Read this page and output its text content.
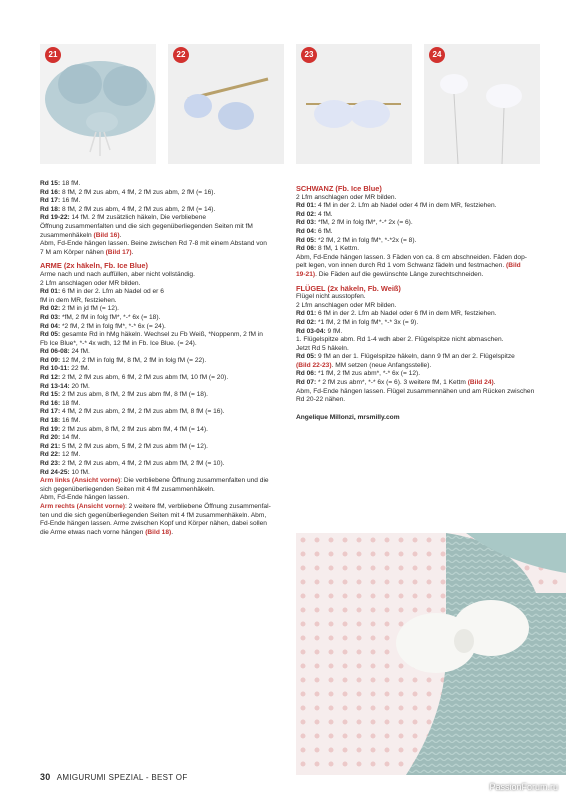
21	22	23	24

Rd 15: 18 fM.

Rd 16: 8 fM, 2 fM zus abm, 4 fM, 2 fM zus abm, 2 fM (= 16).

Rd 17: 16 fM.

Rd 18: 8 fM, 2 fM zus abm, 4 fM, 2 fM zus abm, 2 fM (= 14).

Rd 19-22: 14 fM. 2 fM zusätzlich häkeln, Die verbliebene

Öffnung zusammenfalten und die sich gegenüberliegenden Seiten mit fM

zusammenhäkeln (Bild 16).

Abm, Fd-Ende hängen lassen. Beine zwischen Rd 7-8 mit einem Abstand von

7 M am Körper nähen (Bild 17).

ARME (2x häkeln, Fb. Ice Blue)

Arme nach und nach auffüllen, aber nicht vollständig.

2 Lfm anschlagen oder MR bilden.

Rd 01: 6 fM in der 2. Lfm ab Nadel od er 6

fM in dem MR, festziehen.

Rd 02: 2 fM in jd fM (= 12).

Rd 03: *fM, 2 fM in folg fM*, *-* 6x (= 18).

Rd 04: *2 fM, 2 fM in folg fM*, *-* 6x (= 24).

Rd 05: gesamte Rd in hMg häkeln. Wechsel zu Fb Weiß, *Noppenm, 2 fM in

Fb Ice Blue*, *-* 4x wdh, 12 fM in Fb. Ice Blue. (= 24).

Rd 06-08: 24 fM.

Rd 09: 12 fM, 2 fM in folg fM, 8 fM, 2 fM in folg fM (= 22).

Rd 10-11: 22 fM.

Rd 12: 2 fM, 2 fM zus abm, 6 fM, 2 fM zus abm fM, 10 fM (= 20).

Rd 13-14: 20 fM.

Rd 15: 2 fM zus abm, 8 fM, 2 fM zus abm fM, 8 fM (= 18).

Rd 16: 18 fM.

Rd 17: 4 fM, 2 fM zus abm, 2 fM, 2 fM zus abm fM, 8 fM (= 16).

Rd 18: 16 fM.

Rd 19: 2 fM zus abm, 8 fM, 2 fM zus abm fM, 4 fM (= 14).

Rd 20: 14 fM.

Rd 21: 5 fM, 2 fM zus abm, 5 fM, 2 fM zus abm fM (= 12).

Rd 22: 12 fM.

Rd 23: 2 fM, 2 fM zus abm, 4 fM, 2 fM zus abm fM, 2 fM (= 10).

Rd 24-25: 10 fM.

Arm links (Ansicht vorne): Die verbliebene Öffnung zusammenfalten und die

sich gegenüberliegenden Seiten mit 4 fM zusammenhäkeln.

Abm, Fd-Ende hängen lassen.

Arm rechts (Ansicht vorne): 2 weitere fM, verbliebene Öffnung zusammenfal-

ten und die sich gegenüberliegenden Seiten mit 4 fM zusammenhäkeln. Abm,

Fd-Ende hängen lassen. Arme zwischen Kopf und Körper nähen, dabei sollen

die Arme etwas nach vorne hängen (Bild 18).

SCHWANZ (Fb. Ice Blue)

2 Lfm anschlagen oder MR bilden.

Rd 01: 4 fM in der 2. Lfm ab Nadel oder 4 fM in dem MR, festziehen.

Rd 02: 4 fM.

Rd 03: *fM, 2 fM in folg fM*, *-* 2x (= 6).

Rd 04: 6 fM.

Rd 05: *2 fM, 2 fM in folg fM*, *-*2x (= 8).

Rd 06: 8 fM, 1 Kettm.

Abm, Fd-Ende hängen lassen. 3 Fäden von ca. 8 cm abschneiden. Fäden dop-

pelt legen, von innen durch Rd 1 vom Schwanz fädeln und festmachen. (Bild

19-21). Die Fäden auf die gewünschte Länge zurechtschneiden.

FLÜGEL (2x häkeln, Fb. Weiß)

Flügel nicht ausstopfen.

2 Lfm anschlagen oder MR bilden.

Rd 01: 6 fM in der 2. Lfm ab Nadel oder 6 fM in dem MR, festziehen.

Rd 02: *1 fM, 2 fM in folg fM*, *-* 3x (= 9).

Rd 03-04: 9 fM.

1. Flügelspitze abm. Rd 1-4 wdh aber 2. Flügelspitze nicht abmaschen.

Jetzt Rd 5 häkeln.

Rd 05: 9 fM an der 1. Flügelspitze häkeln, dann 9 fM an der 2. Flügelspitze

(Bild 22-23). MM setzen (neue Anfangsstelle).

Rd 06: *1 fM, 2 fM zus abm*, *-* 6x (= 12).

Rd 07: * 2 fM zus abm*, *-* 6x (= 6). 3 weitere fM, 1 Kettm (Bild 24).

Abm, Fd-Ende hängen lassen. Flügel zusammennähen und am Rücken zwischen

Rd 20-22 nähen.

Angelique Millonzi, mrsmilly.com

30 AMIGURUMI SPEZIAL - BEST OF
PassionForum.ru
